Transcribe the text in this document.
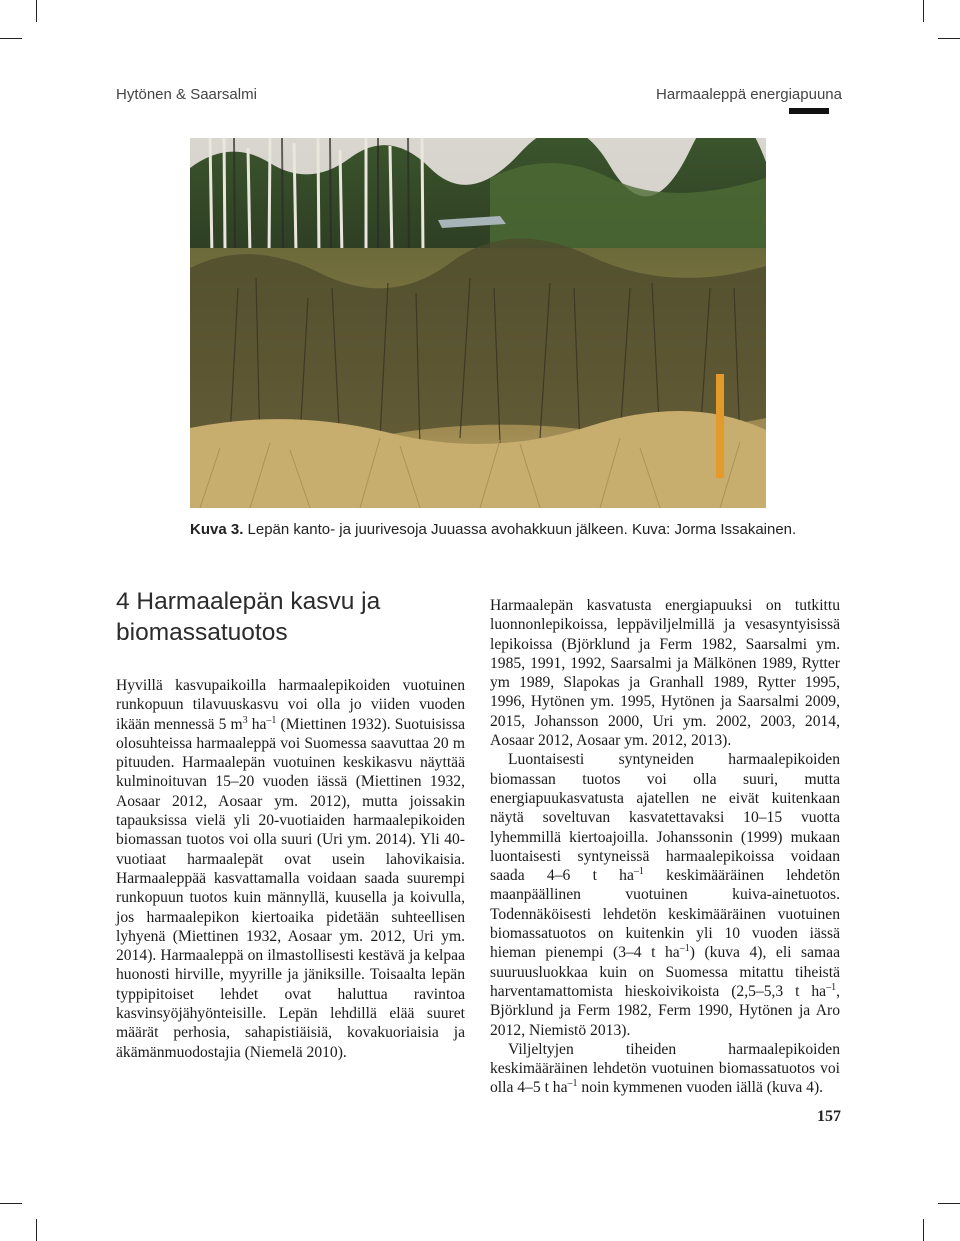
Hytönen & Saarsalmi	Harmaaleppä energiapuuna
Kuva 3. Lepän kanto- ja juurivesoja Juuassa avohakkuun jälkeen. Kuva: Jorma Issakainen.
4 Harmaalepän kasvu ja biomassatuotos

Hyvillä kasvupaikoilla harmaalepikoiden vuotuinen runkopuun tilavuuskasvu voi olla jo viiden vuoden ikään mennessä 5 $m^3$ $ha^{-1}$ (Miettinen 1932). Suotuisissa olosuhteissa harmaaleppä voi Suomessa saavuttaa 20 m pituuden. Harmaalepän vuotuinen keskikasvu näyttää kulminoituvan 15–20 vuoden iässä (Miettinen 1932, Aosaar 2012, Aosaar ym. 2012), mutta joissakin tapauksissa vielä yli 20-vuotiaiden harmaalepikoiden biomassan tuotos voi olla suuri (Uri ym. 2014). Yli 40-vuotiaat harmaalepät ovat usein lahovikaisia. Harmaaleppää kasvattamalla voidaan saada suurempi runkopuun tuotos kuin männyllä, kuusella ja koivulla, jos harmaalepikon kiertoaika pidetään suhteellisen lyhyenä (Miettinen 1932, Aosaar ym. 2012, Uri ym. 2014). Harmaaleppä on ilmastollisesti kestävä ja kelpaa huonosti hirville, myyrille ja jäniksille. Toisaalta lepän typpipitoiset lehdet ovat haluttua ravintoa kasvinsyöjähyönteisille. Lepän lehdillä elää suuret määrät perhosia, sahapistiäisiä, kovakuoriaisia ja äkämänmuodostajia (Niemelä 2010).

Harmaalepän kasvatusta energiapuuksi on tutkittu luonnonlepikoissa, leppäviljelmillä ja vesasyntyisissä lepikoissa (Björklund ja Ferm 1982, Saarsalmi ym. 1985, 1991, 1992, Saarsalmi ja Mälkönen 1989, Rytter ym 1989, Slapokas ja Granhall 1989, Rytter 1995, 1996, Hytönen ym. 1995, Hytönen ja Saarsalmi 2009, 2015, Johansson 2000, Uri ym. 2002, 2003, 2014, Aosaar 2012, Aosaar ym. 2012, 2013).

Luontaisesti syntyneiden harmaalepikoiden biomassan tuotos voi olla suuri, mutta energiapuukasvatusta ajatellen ne eivät kuitenkaan näytä soveltuvan kasvatettavaksi 10–15 vuotta lyhemmillä kiertoajoilla. Johanssonin (1999) mukaan luontaisesti syntyneissä harmaalepikoissa voidaan saada 4–6 t $ha^{-1}$ keskimääräinen lehdetön maanpäällinen vuotuinen kuiva-ainetuotos. Todennäköisesti lehdetön keskimääräinen vuotuinen biomassatuotos on kuitenkin yli 10 vuoden iässä hieman pienempi (3–4 t $ha^{-1}$) (kuva 4), eli samaa suuruusluokkaa kuin on Suomessa mitattu tiheistä harventamattomista hieskoivikoista (2,5–5,3 t $ha^{-1}$, Björklund ja Ferm 1982, Ferm 1990, Hytönen ja Aro 2012, Niemistö 2013).

Viljeltyjen tiheiden harmaalepikoiden keskimääräinen lehdetön vuotuinen biomassatuotos voi olla 4–5 t $ha^{-1}$ noin kymmenen vuoden iällä (kuva 4).

157
